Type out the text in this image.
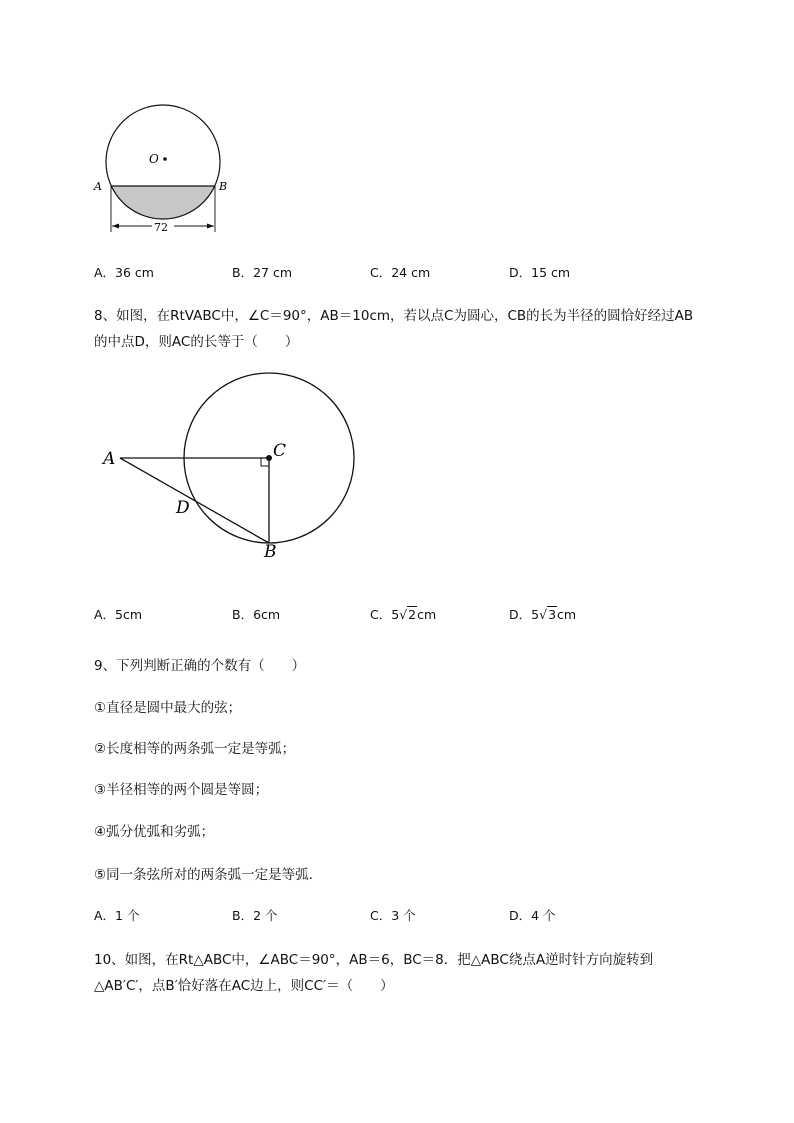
O
A	B
72
A．36 cm	B．27 cm	C．24 cm	D．15 cm
8、如图，在RtVABC中，∠C＝90°，AB＝10cm，若以点C为圆心，CB的长为半径的圆恰好经过AB
的中点D，则AC的长等于（　　）
A	C
D
B
A．5cm	B．6cm	C．5√2cm	D．5√3cm
9、下列判断正确的个数有（　　）
①直径是圆中最大的弦；
②长度相等的两条弧一定是等弧；
③半径相等的两个圆是等圆；
④弧分优弧和劣弧；
⑤同一条弦所对的两条弧一定是等弧．
A．1 个	B．2 个	C．3 个	D．4 个
10、如图，在Rt△ABC中，∠ABC＝90°，AB＝6，BC＝8．把△ABC绕点A逆时针方向旋转到
△AB′C′，点B′恰好落在AC边上，则CC′＝（　　）
